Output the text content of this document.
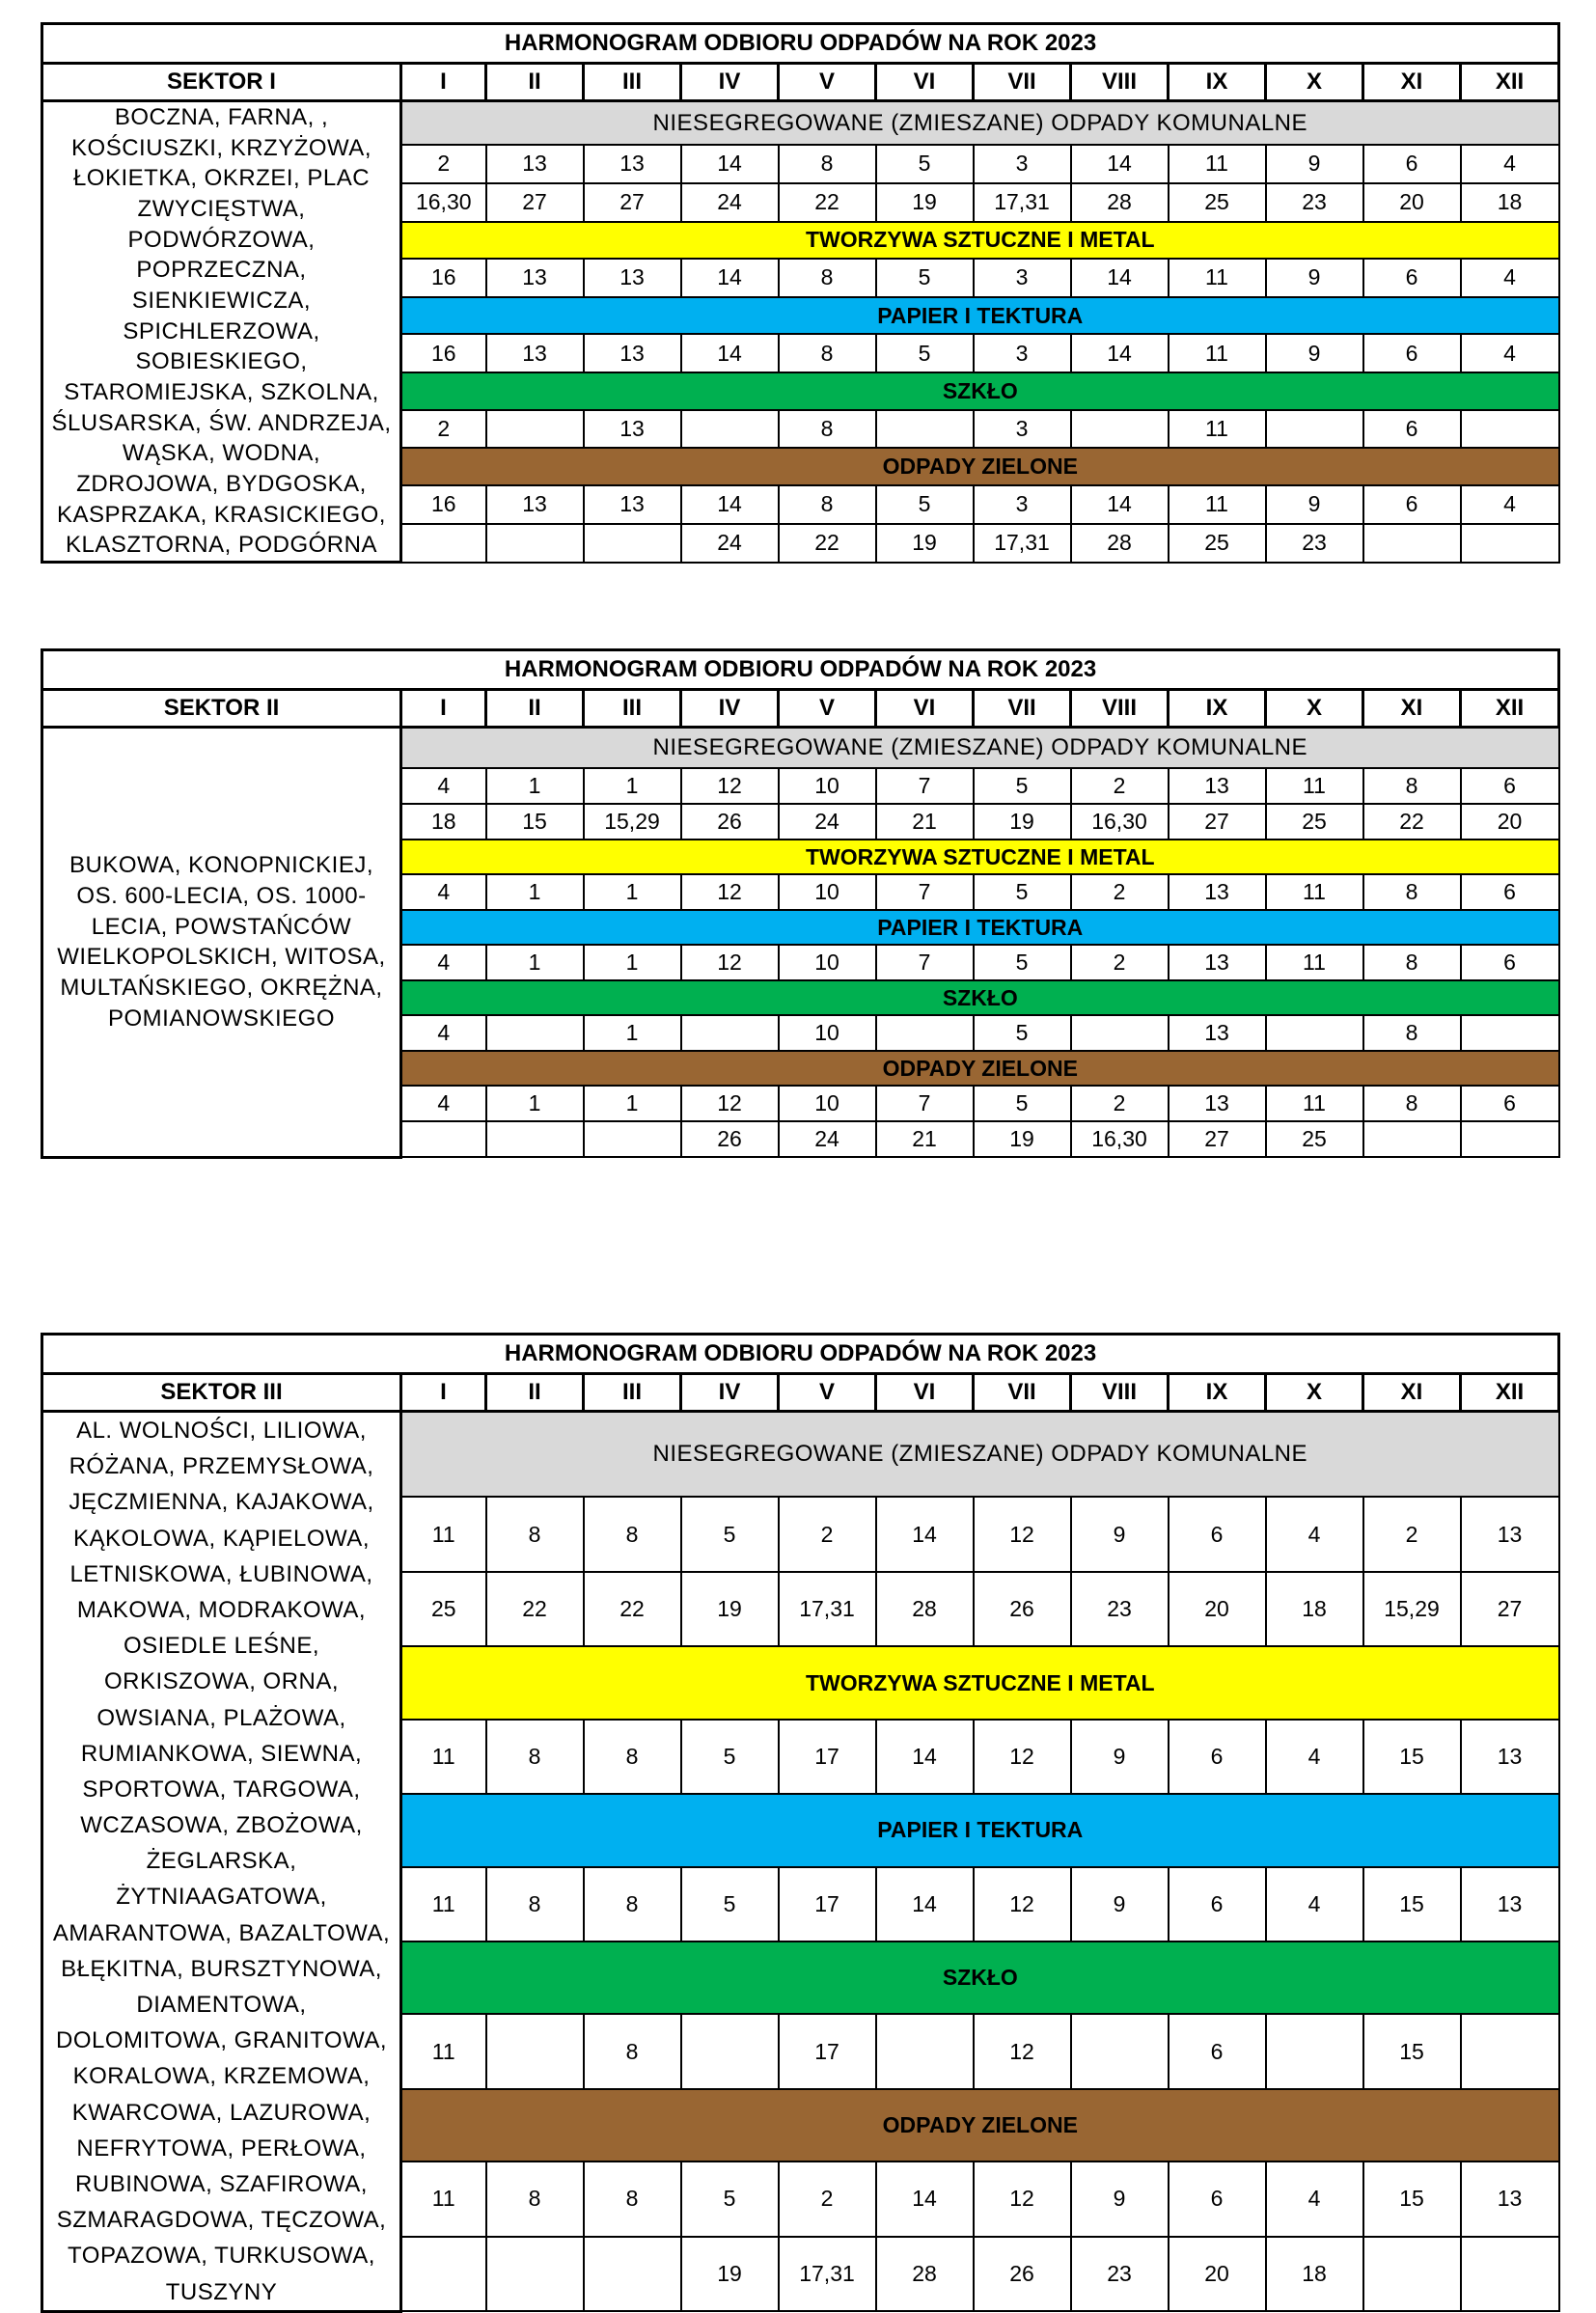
HARMONOGRAM ODBIORU ODPADÓW NA ROK 2023												
SEKTOR I	I	II	III	IV	V	VI	VII	VIII	IX	X	XI	XII

BOCZNA, FARNA, , KOŚCIUSZKI, KRZYŻOWA, ŁOKIETKA, OKRZEI, PLAC ZWYCIĘSTWA, PODWÓRZOWA, POPRZECZNA, SIENKIEWICZA, SPICHLERZOWA, SOBIESKIEGO, STAROMIEJSKA, SZKOLNA, ŚLUSARSKA, ŚW. ANDRZEJA, WĄSKA, WODNA, ZDROJOWA, BYDGOSKA, KASPRZAKA, KRASICKIEGO, KLASZTORNA, PODGÓRNA	NIESEGREGOWANE (ZMIESZANE) ODPADY KOMUNALNE											
	2	13	13	14	8	5	3	14	11	9	6	4
	16,30	27	27	24	22	19	17,31	28	25	23	20	18
	TWORZYWA SZTUCZNE I METAL											
	16	13	13	14	8	5	3	14	11	9	6	4
	PAPIER I TEKTURA											
	16	13	13	14	8	5	3	14	11	9	6	4
	SZKŁO											
	2		13		8		3		11		6	
	ODPADY ZIELONE											
	16	13	13	14	8	5	3	14	11	9	6	4
				24	22	19	17,31	28	25	23		
HARMONOGRAM ODBIORU ODPADÓW NA ROK 2023												
SEKTOR II	I	II	III	IV	V	VI	VII	VIII	IX	X	XI	XII

BUKOWA, KONOPNICKIEJ, OS. 600-LECIA, OS. 1000-LECIA, POWSTAŃCÓW WIELKOPOLSKICH, WITOSA, MULTAŃSKIEGO, OKRĘŻNA, POMIANOWSKIEGO	NIESEGREGOWANE (ZMIESZANE) ODPADY KOMUNALNE											
	4	1	1	12	10	7	5	2	13	11	8	6
	18	15	15,29	26	24	21	19	16,30	27	25	22	20
	TWORZYWA SZTUCZNE I METAL											
	4	1	1	12	10	7	5	2	13	11	8	6
	PAPIER I TEKTURA											
	4	1	1	12	10	7	5	2	13	11	8	6
	SZKŁO											
	4		1		10		5		13		8	
	ODPADY ZIELONE											
	4	1	1	12	10	7	5	2	13	11	8	6
				26	24	21	19	16,30	27	25		
HARMONOGRAM ODBIORU ODPADÓW NA ROK 2023												
SEKTOR III	I	II	III	IV	V	VI	VII	VIII	IX	X	XI	XII

AL. WOLNOŚCI, LILIOWA, RÓŻANA, PRZEMYSŁOWA, JĘCZMIENNA, KAJAKOWA, KĄKOLOWA, KĄPIELOWA, LETNISKOWA, ŁUBINOWA, MAKOWA, MODRAKOWA, OSIEDLE LEŚNE, ORKISZOWA, ORNA, OWSIANA, PLAŻOWA, RUMIANKOWA, SIEWNA, SPORTOWA, TARGOWA, WCZASOWA, ZBOŻOWA, ŻEGLARSKA, ŻYTNIAAGATOWA, AMARANTOWA, BAZALTOWA, BŁĘKITNA, BURSZTYNOWA, DIAMENTOWA, DOLOMITOWA, GRANITOWA, KORALOWA, KRZEMOWA, KWARCOWA, LAZUROWA, NEFRYTOWA, PERŁOWA, RUBINOWA, SZAFIROWA, SZMARAGDOWA, TĘCZOWA, TOPAZOWA, TURKUSOWA, TUSZYNY	NIESEGREGOWANE (ZMIESZANE) ODPADY KOMUNALNE											
	11	8	8	5	2	14	12	9	6	4	2	13
	25	22	22	19	17,31	28	26	23	20	18	15,29	27
	TWORZYWA SZTUCZNE I METAL											
	11	8	8	5	17	14	12	9	6	4	15	13
	PAPIER I TEKTURA											
	11	8	8	5	17	14	12	9	6	4	15	13
	SZKŁO											
	11		8		17		12		6		15	
	ODPADY ZIELONE											
	11	8	8	5	2	14	12	9	6	4	15	13
				19	17,31	28	26	23	20	18		
